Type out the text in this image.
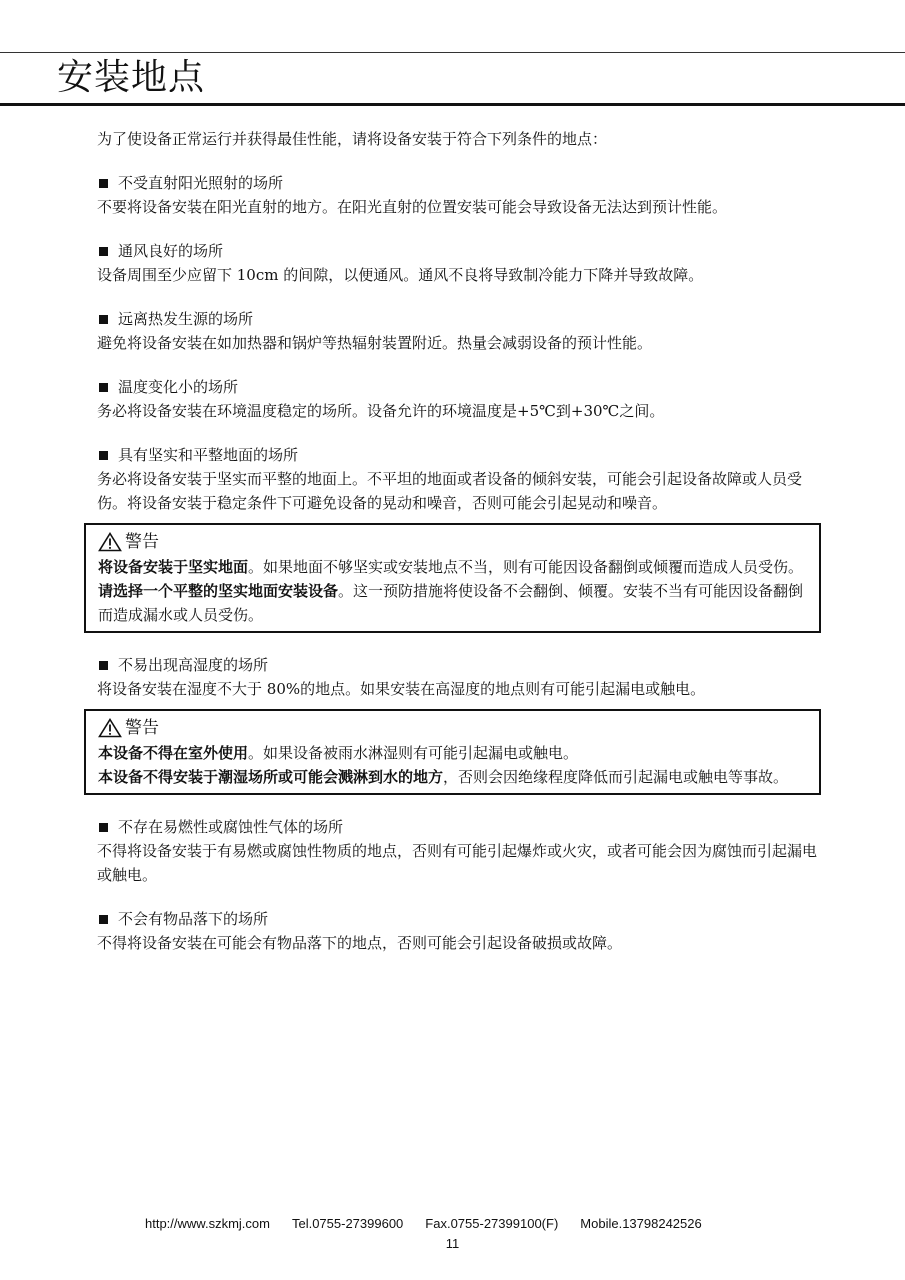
安装地点

为了使设备正常运行并获得最佳性能，请将设备安装于符合下列条件的地点：

不受直射阳光照射的场所

不要将设备安装在阳光直射的地方。在阳光直射的位置安装可能会导致设备无法达到预计性能。

通风良好的场所

设备周围至少应留下 10cm 的间隙，以便通风。通风不良将导致制冷能力下降并导致故障。

远离热发生源的场所

避免将设备安装在如加热器和锅炉等热辐射装置附近。热量会减弱设备的预计性能。

温度变化小的场所

务必将设备安装在环境温度稳定的场所。设备允许的环境温度是+5℃到+30℃之间。

具有坚实和平整地面的场所

务必将设备安装于坚实而平整的地面上。不平坦的地面或者设备的倾斜安装，可能会引起设备故障或人员受伤。将设备安装于稳定条件下可避免设备的晃动和噪音，否则可能会引起晃动和噪音。

警告

将设备安装于坚实地面。如果地面不够坚实或安装地点不当，则有可能因设备翻倒或倾覆而造成人员受伤。

请选择一个平整的坚实地面安装设备。这一预防措施将使设备不会翻倒、倾覆。安装不当有可能因设备翻倒而造成漏水或人员受伤。

不易出现高湿度的场所

将设备安装在湿度不大于 80%的地点。如果安装在高湿度的地点则有可能引起漏电或触电。

警告

本设备不得在室外使用。如果设备被雨水淋湿则有可能引起漏电或触电。

本设备不得安装于潮湿场所或可能会溅淋到水的地方，否则会因绝缘程度降低而引起漏电或触电等事故。

不存在易燃性或腐蚀性气体的场所

不得将设备安装于有易燃或腐蚀性物质的地点，否则有可能引起爆炸或火灾，或者可能会因为腐蚀而引起漏电或触电。

不会有物品落下的场所

不得将设备安装在可能会有物品落下的地点，否则可能会引起设备破损或故障。

http://www.szkmj.com Tel.0755-27399600 Fax.0755-27399100(F) Mobile.13798242526
11
